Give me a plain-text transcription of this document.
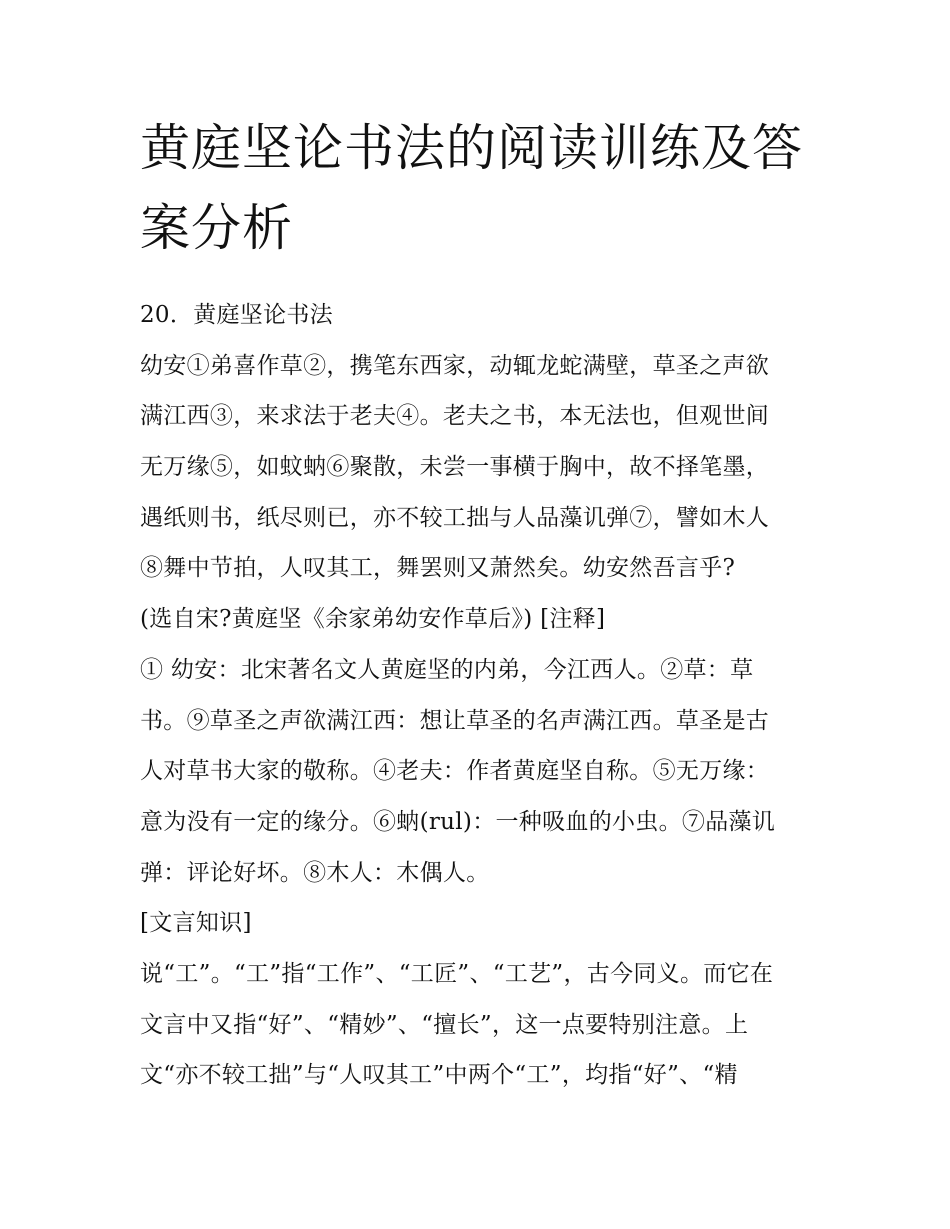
黄庭坚论书法的阅读训练及答
案分析
20．黄庭坚论书法
幼安①弟喜作草②，携笔东西家，动辄龙蛇满壁，草圣之声欲
满江西③，来求法于老夫④。老夫之书，本无法也，但观世间
无万缘⑤，如蚊蚋⑥聚散，未尝一事横于胸中，故不择笔墨，
遇纸则书，纸尽则已，亦不较工拙与人品藻讥弹⑦，譬如木人
⑧舞中节拍，人叹其工，舞罢则又萧然矣。幼安然吾言乎?
(选自宋?黄庭坚《余家弟幼安作草后》) [注释]
① 幼安：北宋著名文人黄庭坚的内弟，今江西人。②草：草
书。⑨草圣之声欲满江西：想让草圣的名声满江西。草圣是古
人对草书大家的敬称。④老夫：作者黄庭坚自称。⑤无万缘：
意为没有一定的缘分。⑥蚋(rul)：一种吸血的小虫。⑦品藻讥
弹：评论好坏。⑧木人：木偶人。
[文言知识]
说“工”。“工”指“工作”、“工匠”、“工艺”，古今同义。而它在
文言中又指“好”、“精妙”、“擅长”，这一点要特别注意。上
文“亦不较工拙”与“人叹其工”中两个“工”，均指“好”、“精
